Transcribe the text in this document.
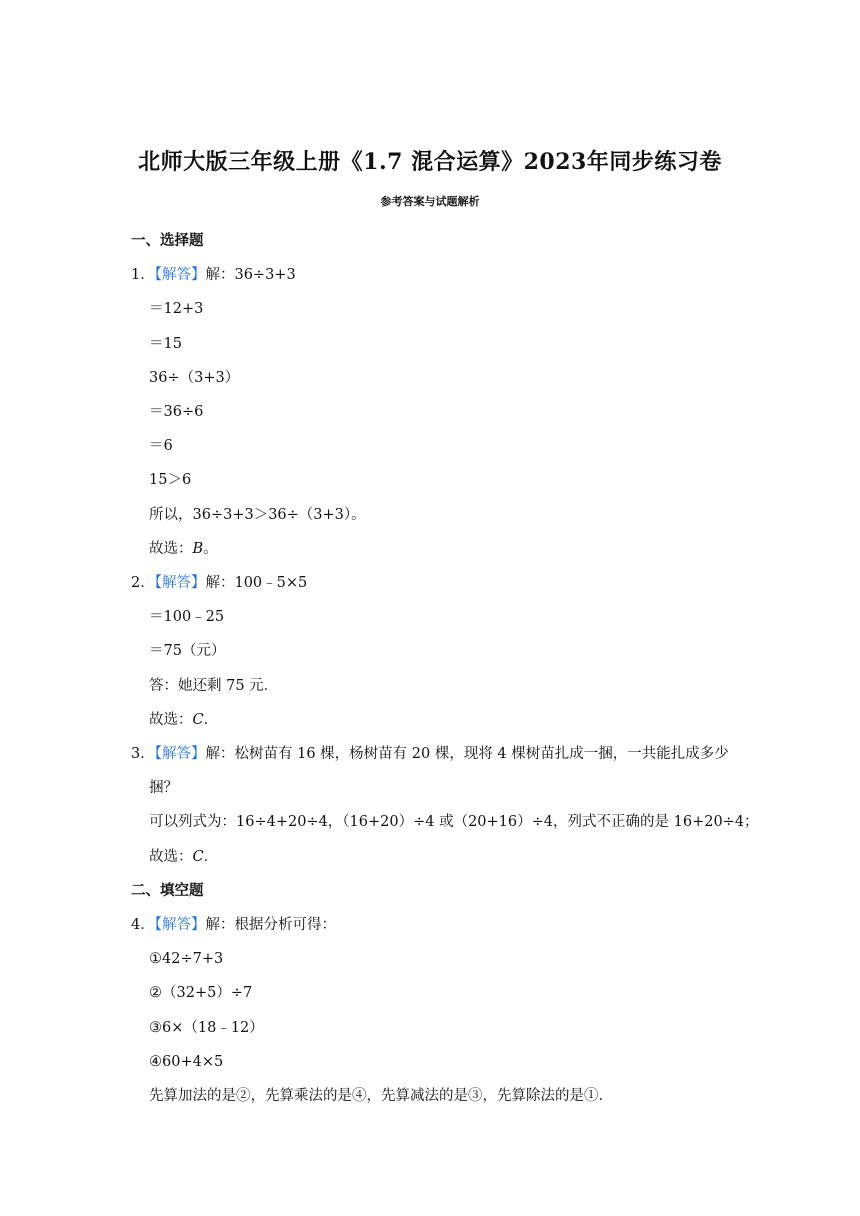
北师大版三年级上册《1.7 混合运算》2023年同步练习卷
参考答案与试题解析
一、选择题
1．【解答】解：36÷3+3
＝12+3
＝15
36÷（3+3）
＝36÷6
＝6
15＞6
所以，36÷3+3＞36÷（3+3）。
故选：B。
2．【解答】解：100﹣5×5
＝100﹣25
＝75（元）
答：她还剩 75 元．
故选：C．
3．【解答】解：松树苗有 16 棵，杨树苗有 20 棵，现将 4 棵树苗扎成一捆，一共能扎成多少
捆？
可以列式为：16÷4+20÷4，（16+20）÷4 或（20+16）÷4，列式不正确的是 16+20÷4；
故选：C．
二、填空题
4．【解答】解：根据分析可得：
①42÷7+3
②（32+5）÷7
③6×（18﹣12）
④60+4×5
先算加法的是②，先算乘法的是④，先算减法的是③，先算除法的是①．
